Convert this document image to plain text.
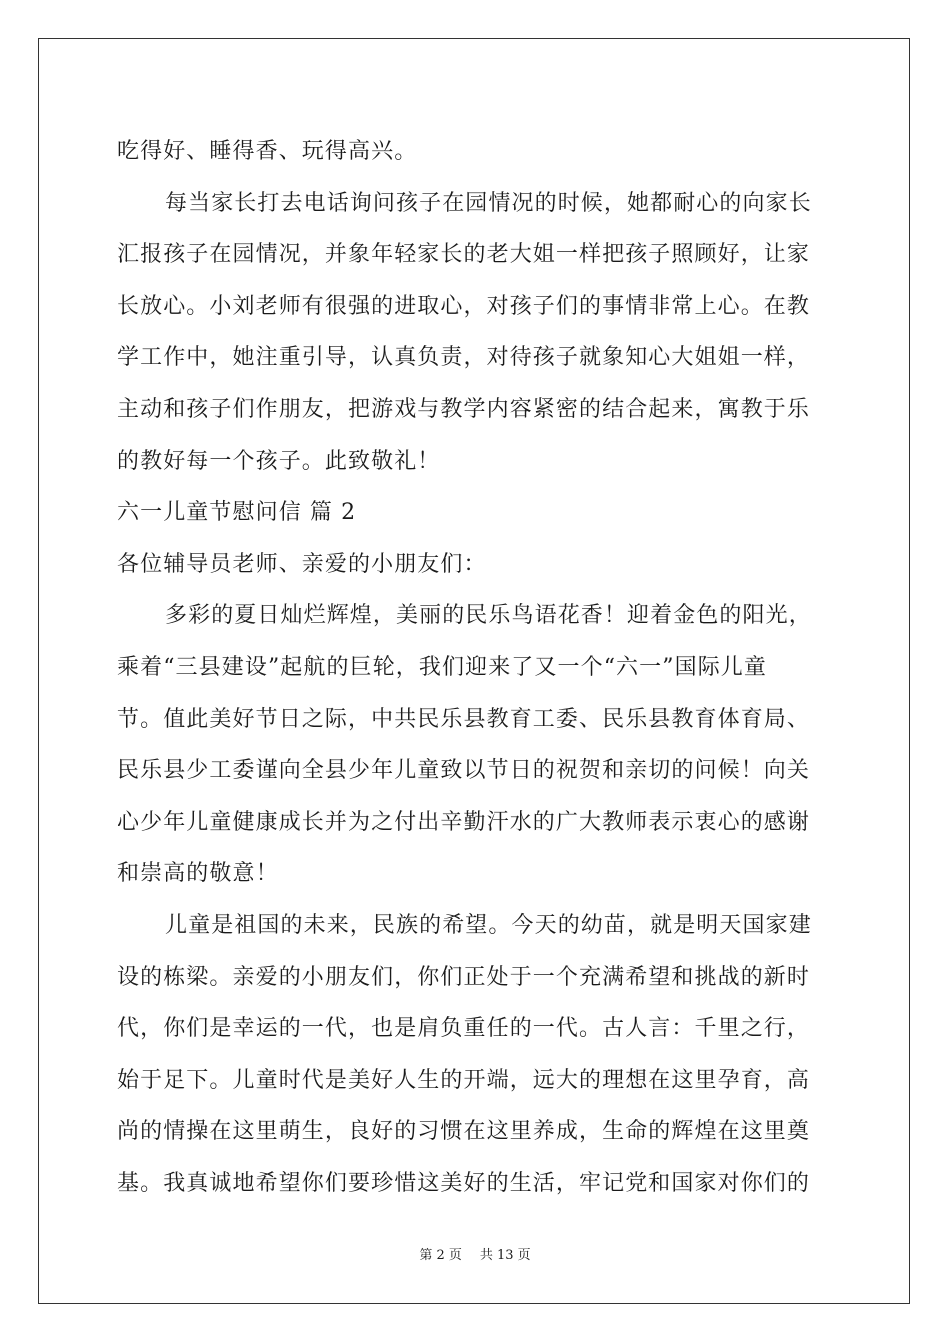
吃得好、睡得香、玩得高兴。
每当家长打去电话询问孩子在园情况的时候，她都耐心的向家长
汇报孩子在园情况，并象年轻家长的老大姐一样把孩子照顾好，让家
长放心。小刘老师有很强的进取心，对孩子们的事情非常上心。在教
学工作中，她注重引导，认真负责，对待孩子就象知心大姐姐一样，
主动和孩子们作朋友，把游戏与教学内容紧密的结合起来，寓教于乐
的教好每一个孩子。此致敬礼！
六一儿童节慰问信 篇 2
各位辅导员老师、亲爱的小朋友们：
多彩的夏日灿烂辉煌，美丽的民乐鸟语花香！迎着金色的阳光，
乘着“三县建设”起航的巨轮，我们迎来了又一个“六一”国际儿童
节。值此美好节日之际，中共民乐县教育工委、民乐县教育体育局、
民乐县少工委谨向全县少年儿童致以节日的祝贺和亲切的问候！向关
心少年儿童健康成长并为之付出辛勤汗水的广大教师表示衷心的感谢
和崇高的敬意！
儿童是祖国的未来，民族的希望。今天的幼苗，就是明天国家建
设的栋梁。亲爱的小朋友们，你们正处于一个充满希望和挑战的新时
代，你们是幸运的一代，也是肩负重任的一代。古人言：千里之行，
始于足下。儿童时代是美好人生的开端，远大的理想在这里孕育，高
尚的情操在这里萌生，良好的习惯在这里养成，生命的辉煌在这里奠
基。我真诚地希望你们要珍惜这美好的生活，牢记党和国家对你们的
第 2 页 共 13 页
